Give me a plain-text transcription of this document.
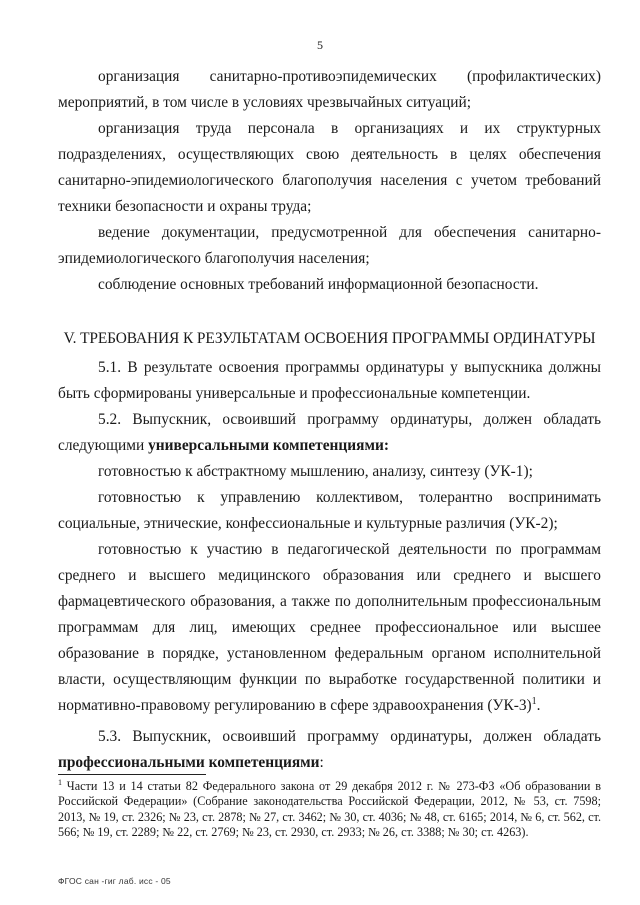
5

организация санитарно-противоэпидемических (профилактических) мероприятий, в том числе в условиях чрезвычайных ситуаций;

организация труда персонала в организациях и их структурных подразделениях, осуществляющих свою деятельность в целях обеспечения санитарно-эпидемиологического благополучия населения с учетом требований техники безопасности и охраны труда;

ведение документации, предусмотренной для обеспечения санитарно-эпидемиологического благополучия населения;

соблюдение основных требований информационной безопасности.

V. ТРЕБОВАНИЯ К РЕЗУЛЬТАТАМ ОСВОЕНИЯ ПРОГРАММЫ ОРДИНАТУРЫ

5.1. В результате освоения программы ординатуры у выпускника должны быть сформированы универсальные и профессиональные компетенции.

5.2. Выпускник, освоивший программу ординатуры, должен обладать следующими универсальными компетенциями:

готовностью к абстрактному мышлению, анализу, синтезу (УК-1);

готовностью к управлению коллективом, толерантно воспринимать социальные, этнические, конфессиональные и культурные различия (УК-2);

готовностью к участию в педагогической деятельности по программам среднего и высшего медицинского образования или среднего и высшего фармацевтического образования, а также по дополнительным профессиональным программам для лиц, имеющих среднее профессиональное или высшее образование в порядке, установленном федеральным органом исполнительной власти, осуществляющим функции по выработке государственной политики и нормативно-правовому регулированию в сфере здравоохранения $(УК-3)^1$.

5.3. Выпускник, освоивший программу ординатуры, должен обладать профессиональными компетенциями:

$^1$ Части 13 и 14 статьи 82 Федерального закона от 29 декабря 2012 г. № 273-ФЗ «Об образовании в Российской Федерации» (Собрание законодательства Российской Федерации, 2012, № 53, ст. 7598; 2013, № 19, ст. 2326; № 23, ст. 2878; № 27, ст. 3462; № 30, ст. 4036; № 48, ст. 6165; 2014, № 6, ст. 562, ст. 566; № 19, ст. 2289; № 22, ст. 2769; № 23, ст. 2930, ст. 2933; № 26, ст. 3388; № 30; ст. 4263).
ФГОС сан -гиг лаб. иcc - 05
